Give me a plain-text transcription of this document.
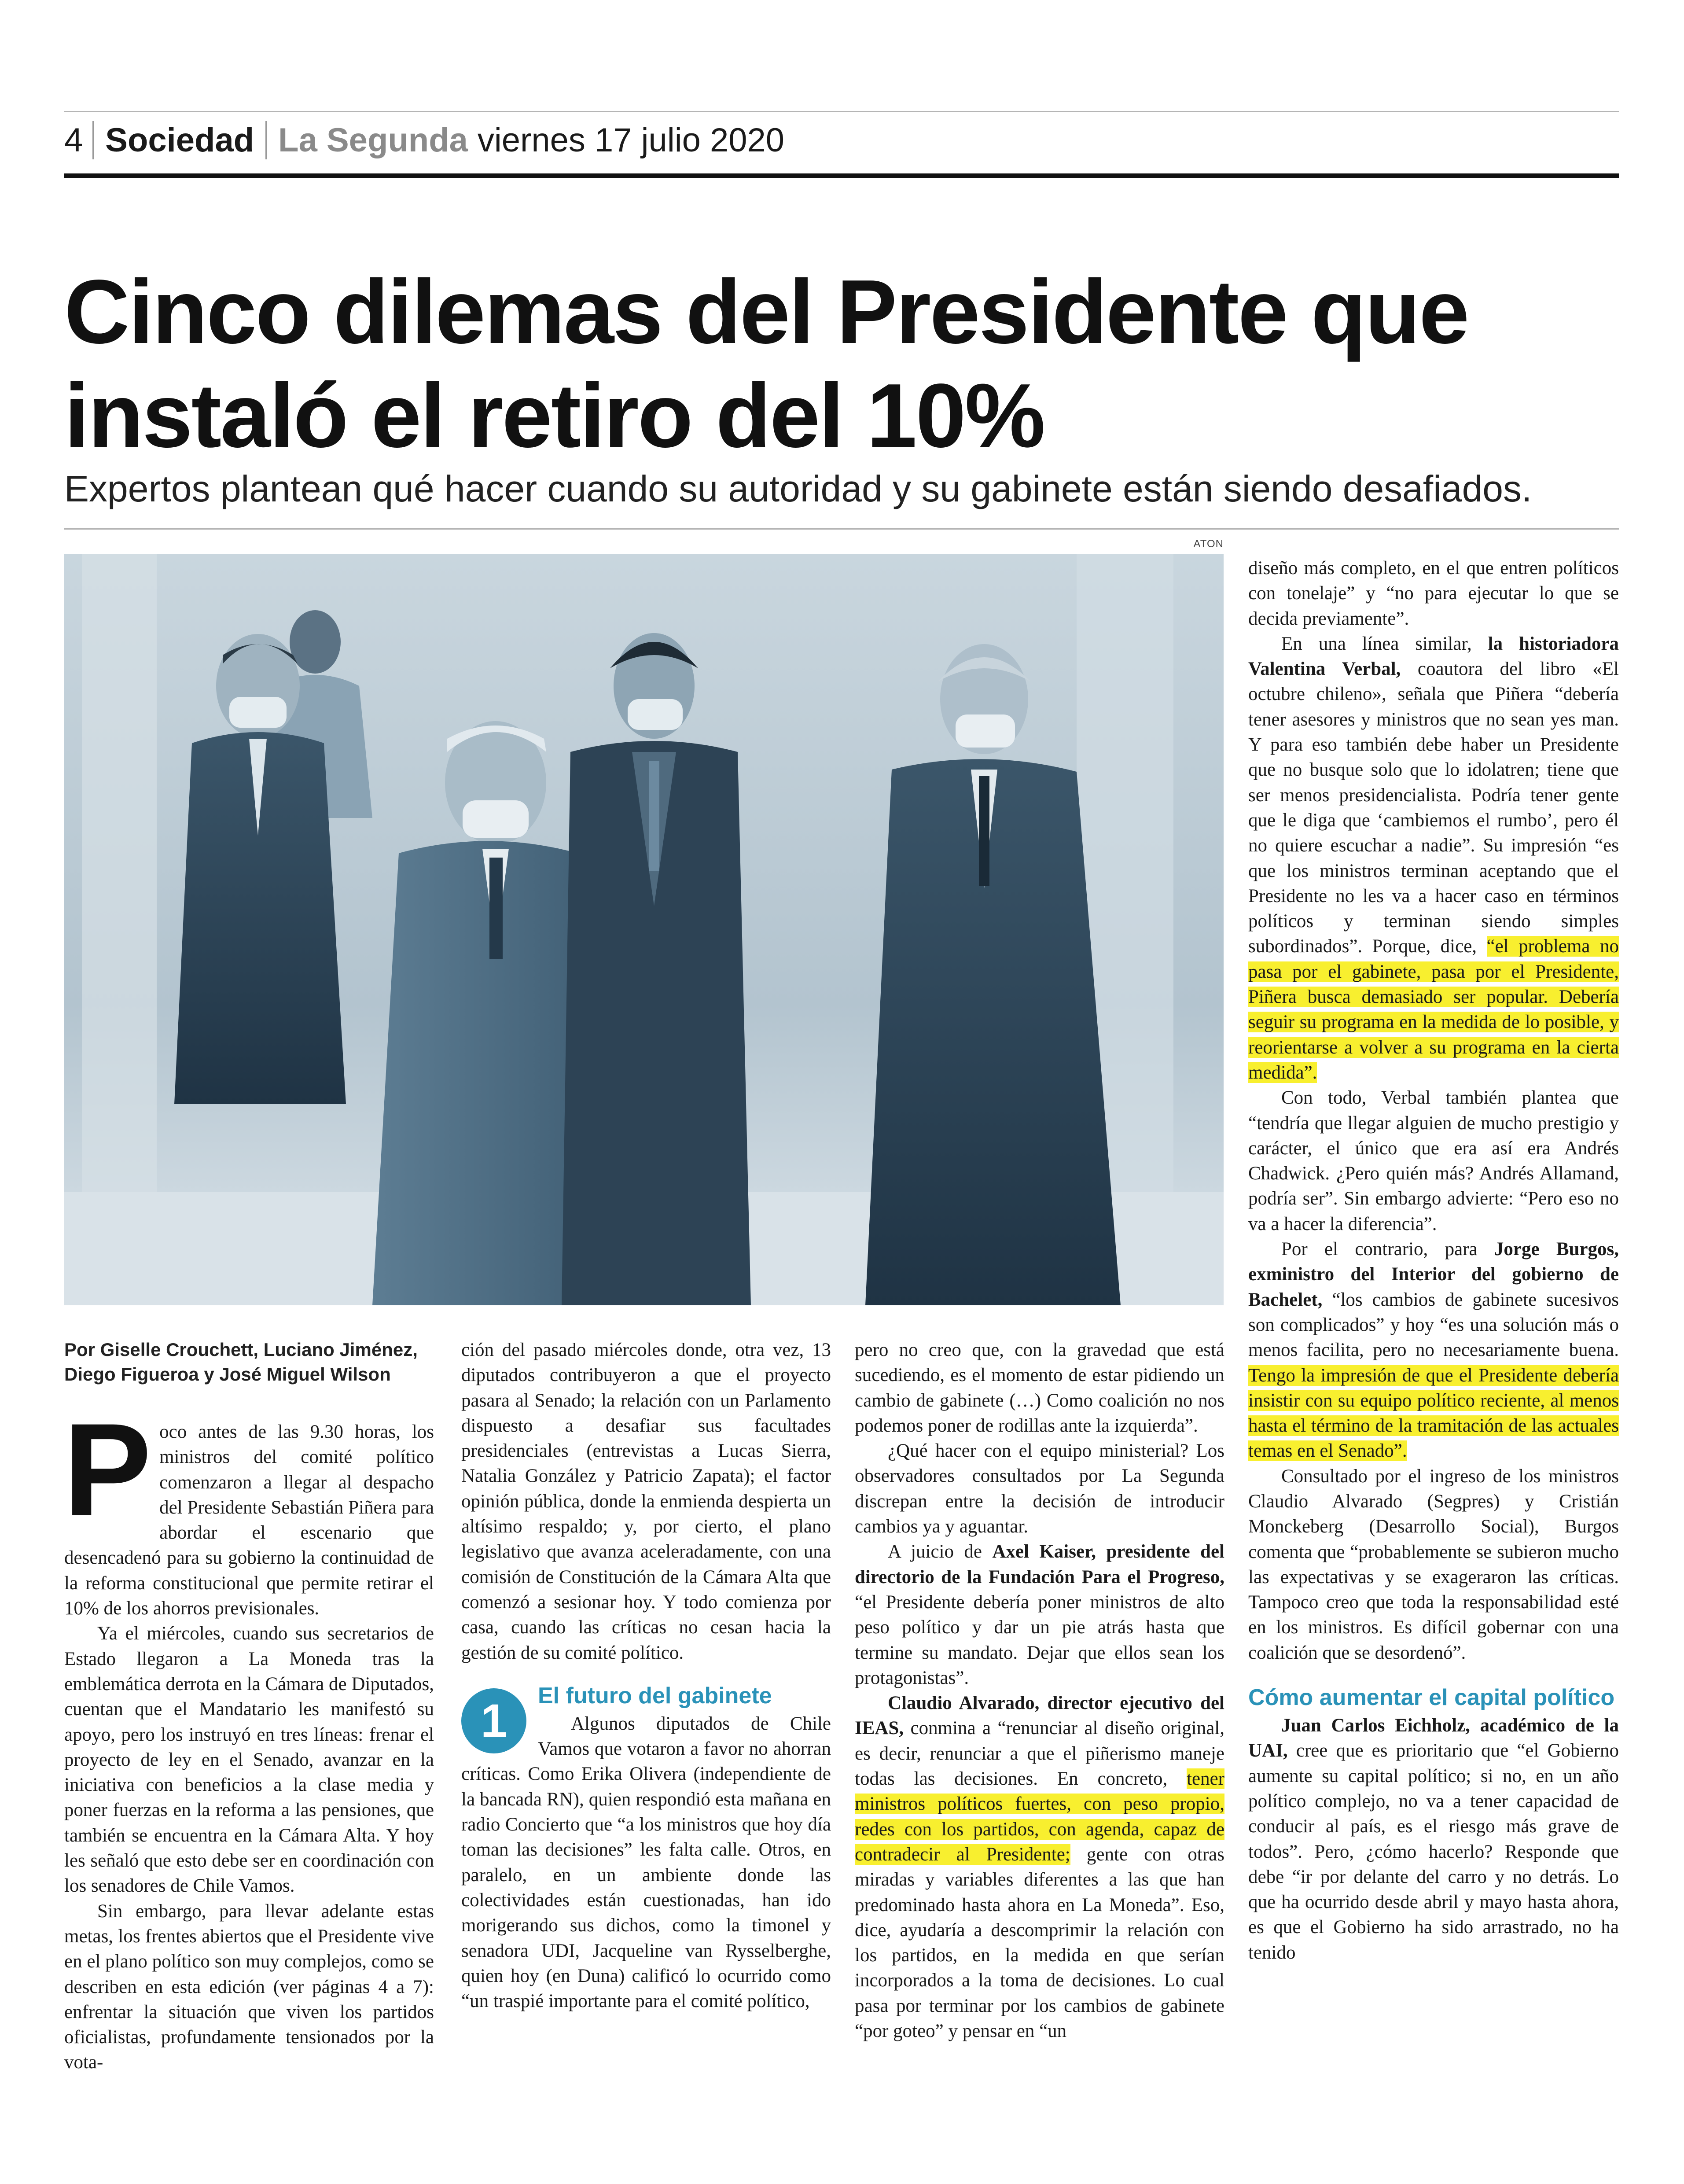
4 Sociedad La Segunda viernes 17 julio 2020
Cinco dilemas del Presidente que instaló el retiro del 10%

Expertos plantean qué hacer cuando su autoridad y su gabinete están siendo desafiados.

ATON

Por Giselle Crouchett, Luciano Jiménez, Diego Figueroa y José Miguel Wilson

Poco antes de las 9.30 horas, los ministros del comité político comenzaron a llegar al despacho del Presidente Sebastián Piñera para abordar el escenario que desencadenó para su gobierno la continuidad de la reforma constitucional que permite retirar el 10% de los ahorros previsionales.

Ya el miércoles, cuando sus secretarios de Estado llegaron a La Moneda tras la emblemática derrota en la Cámara de Diputados, cuentan que el Mandatario les manifestó su apoyo, pero los instruyó en tres líneas: frenar el proyecto de ley en el Senado, avanzar en la iniciativa con beneficios a la clase media y poner fuerzas en la reforma a las pensiones, que también se encuentra en la Cámara Alta. Y hoy les señaló que esto debe ser en coordinación con los senadores de Chile Vamos.

Sin embargo, para llevar adelante estas metas, los frentes abiertos que el Presidente vive en el plano político son muy complejos, como se describen en esta edición (ver páginas 4 a 7): enfrentar la situación que viven los partidos oficialistas, profundamente tensionados por la vota-

ción del pasado miércoles donde, otra vez, 13 diputados contribuyeron a que el proyecto pasara al Senado; la relación con un Parlamento dispuesto a desafiar sus facultades presidenciales (entrevistas a Lucas Sierra, Natalia González y Patricio Zapata); el factor opinión pública, donde la enmienda despierta un altísimo respaldo; y, por cierto, el plano legislativo que avanza aceleradamente, con una comisión de Constitución de la Cámara Alta que comenzó a sesionar hoy. Y todo comienza por casa, cuando las críticas no cesan hacia la gestión de su comité político.

1	El futuro del gabinete

Algunos diputados de Chile Vamos que votaron a favor no ahorran críticas. Como Erika Olivera (independiente de la bancada RN), quien respondió esta mañana en radio Concierto que “a los ministros que hoy día toman las decisiones” les falta calle. Otros, en paralelo, en un ambiente donde las colectividades están cuestionadas, han ido morigerando sus dichos, como la timonel y senadora UDI, Jacqueline van Rysselberghe, quien hoy (en Duna) calificó lo ocurrido como “un traspié importante para el comité político,

pero no creo que, con la gravedad que está sucediendo, es el momento de estar pidiendo un cambio de gabinete (…) Como coalición no nos podemos poner de rodillas ante la izquierda”.

¿Qué hacer con el equipo ministerial? Los observadores consultados por La Segunda discrepan entre la decisión de introducir cambios ya y aguantar.

A juicio de Axel Kaiser, presidente del directorio de la Fundación Para el Progreso, “el Presidente debería poner ministros de alto peso político y dar un pie atrás hasta que termine su mandato. Dejar que ellos sean los protagonistas”.

Claudio Alvarado, director ejecutivo del IEAS, conmina a “renunciar al diseño original, es decir, renunciar a que el piñerismo maneje todas las decisiones. En concreto, tener ministros políticos fuertes, con peso propio, redes con los partidos, con agenda, capaz de contradecir al Presidente; gente con otras miradas y variables diferentes a las que han predominado hasta ahora en La Moneda”. Eso, dice, ayudaría a descomprimir la relación con los partidos, en la medida en que serían incorporados a la toma de decisiones. Lo cual pasa por terminar por los cambios de gabinete “por goteo” y pensar en “un

diseño más completo, en el que entren políticos con tonelaje” y “no para ejecutar lo que se decida previamente”.

En una línea similar, la historiadora Valentina Verbal, coautora del libro «El octubre chileno», señala que Piñera “debería tener asesores y ministros que no sean yes man. Y para eso también debe haber un Presidente que no busque solo que lo idolatren; tiene que ser menos presidencialista. Podría tener gente que le diga que ‘cambiemos el rumbo’, pero él no quiere escuchar a nadie”. Su impresión “es que los ministros terminan aceptando que el Presidente no les va a hacer caso en términos políticos y terminan siendo simples subordinados”. Porque, dice, “el problema no pasa por el gabinete, pasa por el Presidente, Piñera busca demasiado ser popular. Debería seguir su programa en la medida de lo posible, y reorientarse a volver a su programa en la cierta medida”.

Con todo, Verbal también plantea que “tendría que llegar alguien de mucho prestigio y carácter, el único que era así era Andrés Chadwick. ¿Pero quién más? Andrés Allamand, podría ser”. Sin embargo advierte: “Pero eso no va a hacer la diferencia”.

Por el contrario, para Jorge Burgos, exministro del Interior del gobierno de Bachelet, “los cambios de gabinete sucesivos son complicados” y hoy “es una solución más o menos facilita, pero no necesariamente buena. Tengo la impresión de que el Presidente debería insistir con su equipo político reciente, al menos hasta el término de la tramitación de las actuales temas en el Senado”.

Consultado por el ingreso de los ministros Claudio Alvarado (Segpres) y Cristián Monckeberg (Desarrollo Social), Burgos comenta que “probablemente se subieron mucho las expectativas y se exageraron las críticas. Tampoco creo que toda la responsabilidad esté en los ministros. Es difícil gobernar con una coalición que se desordenó”.

Cómo aumentar el capital político

Juan Carlos Eichholz, académico de la UAI, cree que es prioritario que “el Gobierno aumente su capital político; si no, en un año político complejo, no va a tener capacidad de conducir al país, es el riesgo más grave de todos”. Pero, ¿cómo hacerlo? Responde que debe “ir por delante del carro y no detrás. Lo que ha ocurrido desde abril y mayo hasta ahora, es que el Gobierno ha sido arrastrado, no ha tenido
